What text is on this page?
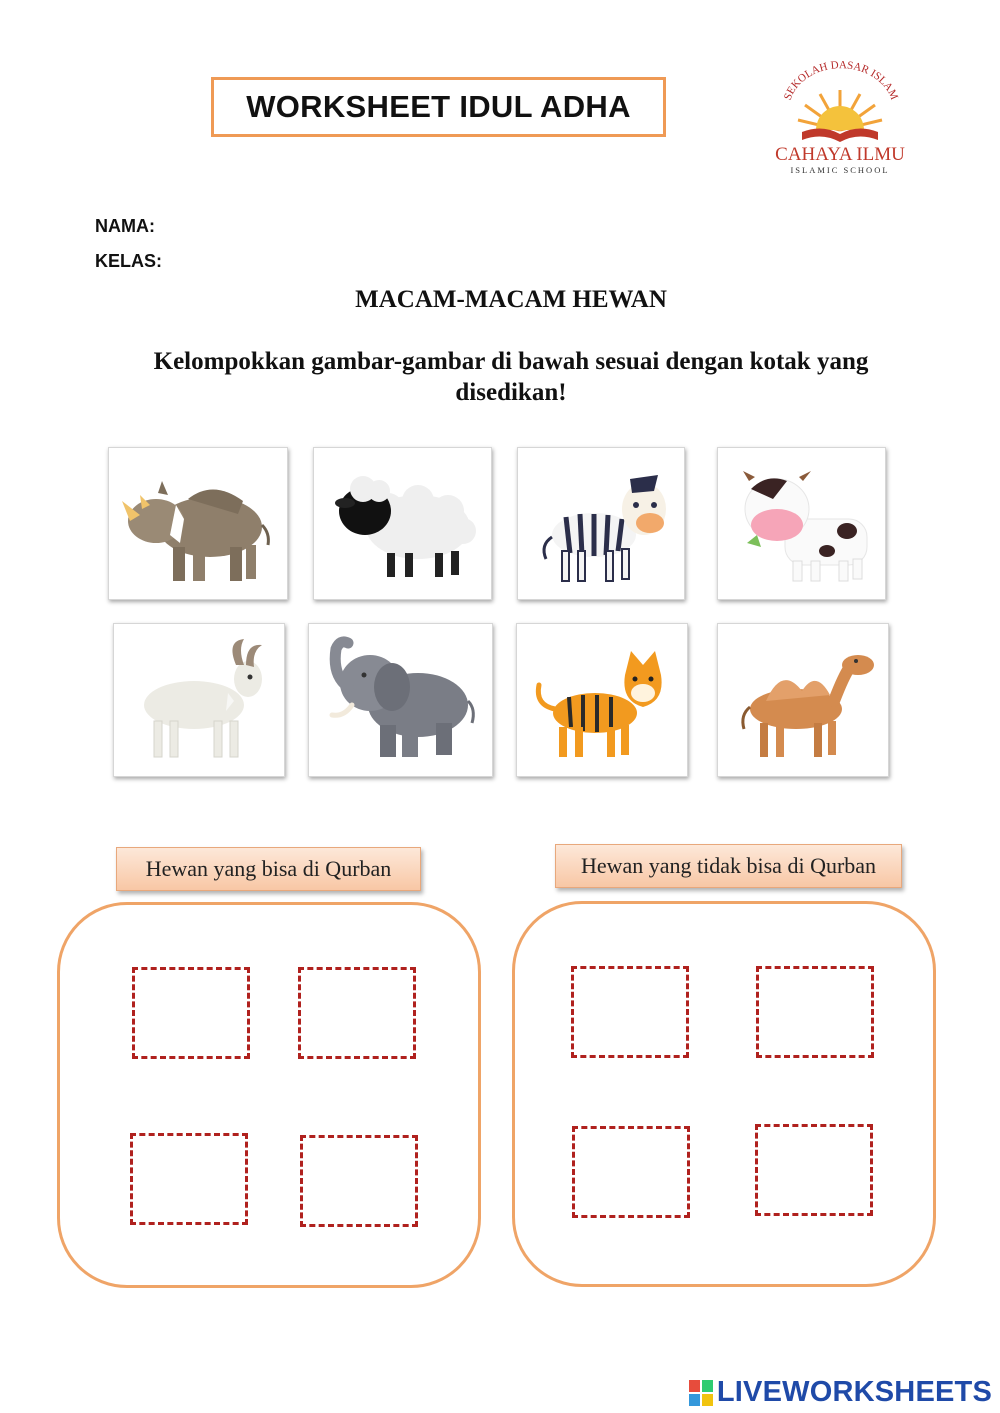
WORKSHEET IDUL ADHA	SEKOLAH DASAR ISLAM
CAHAYA ILMU
ISLAMIC SCHOOL
NAMA:
KELAS:
MACAM-MACAM HEWAN
Kelompokkan gambar-gambar di bawah sesuai dengan kotak yang disedikan!
Hewan yang bisa di Qurban	Hewan yang tidak bisa di Qurban
LIVEWORKSHEETS
